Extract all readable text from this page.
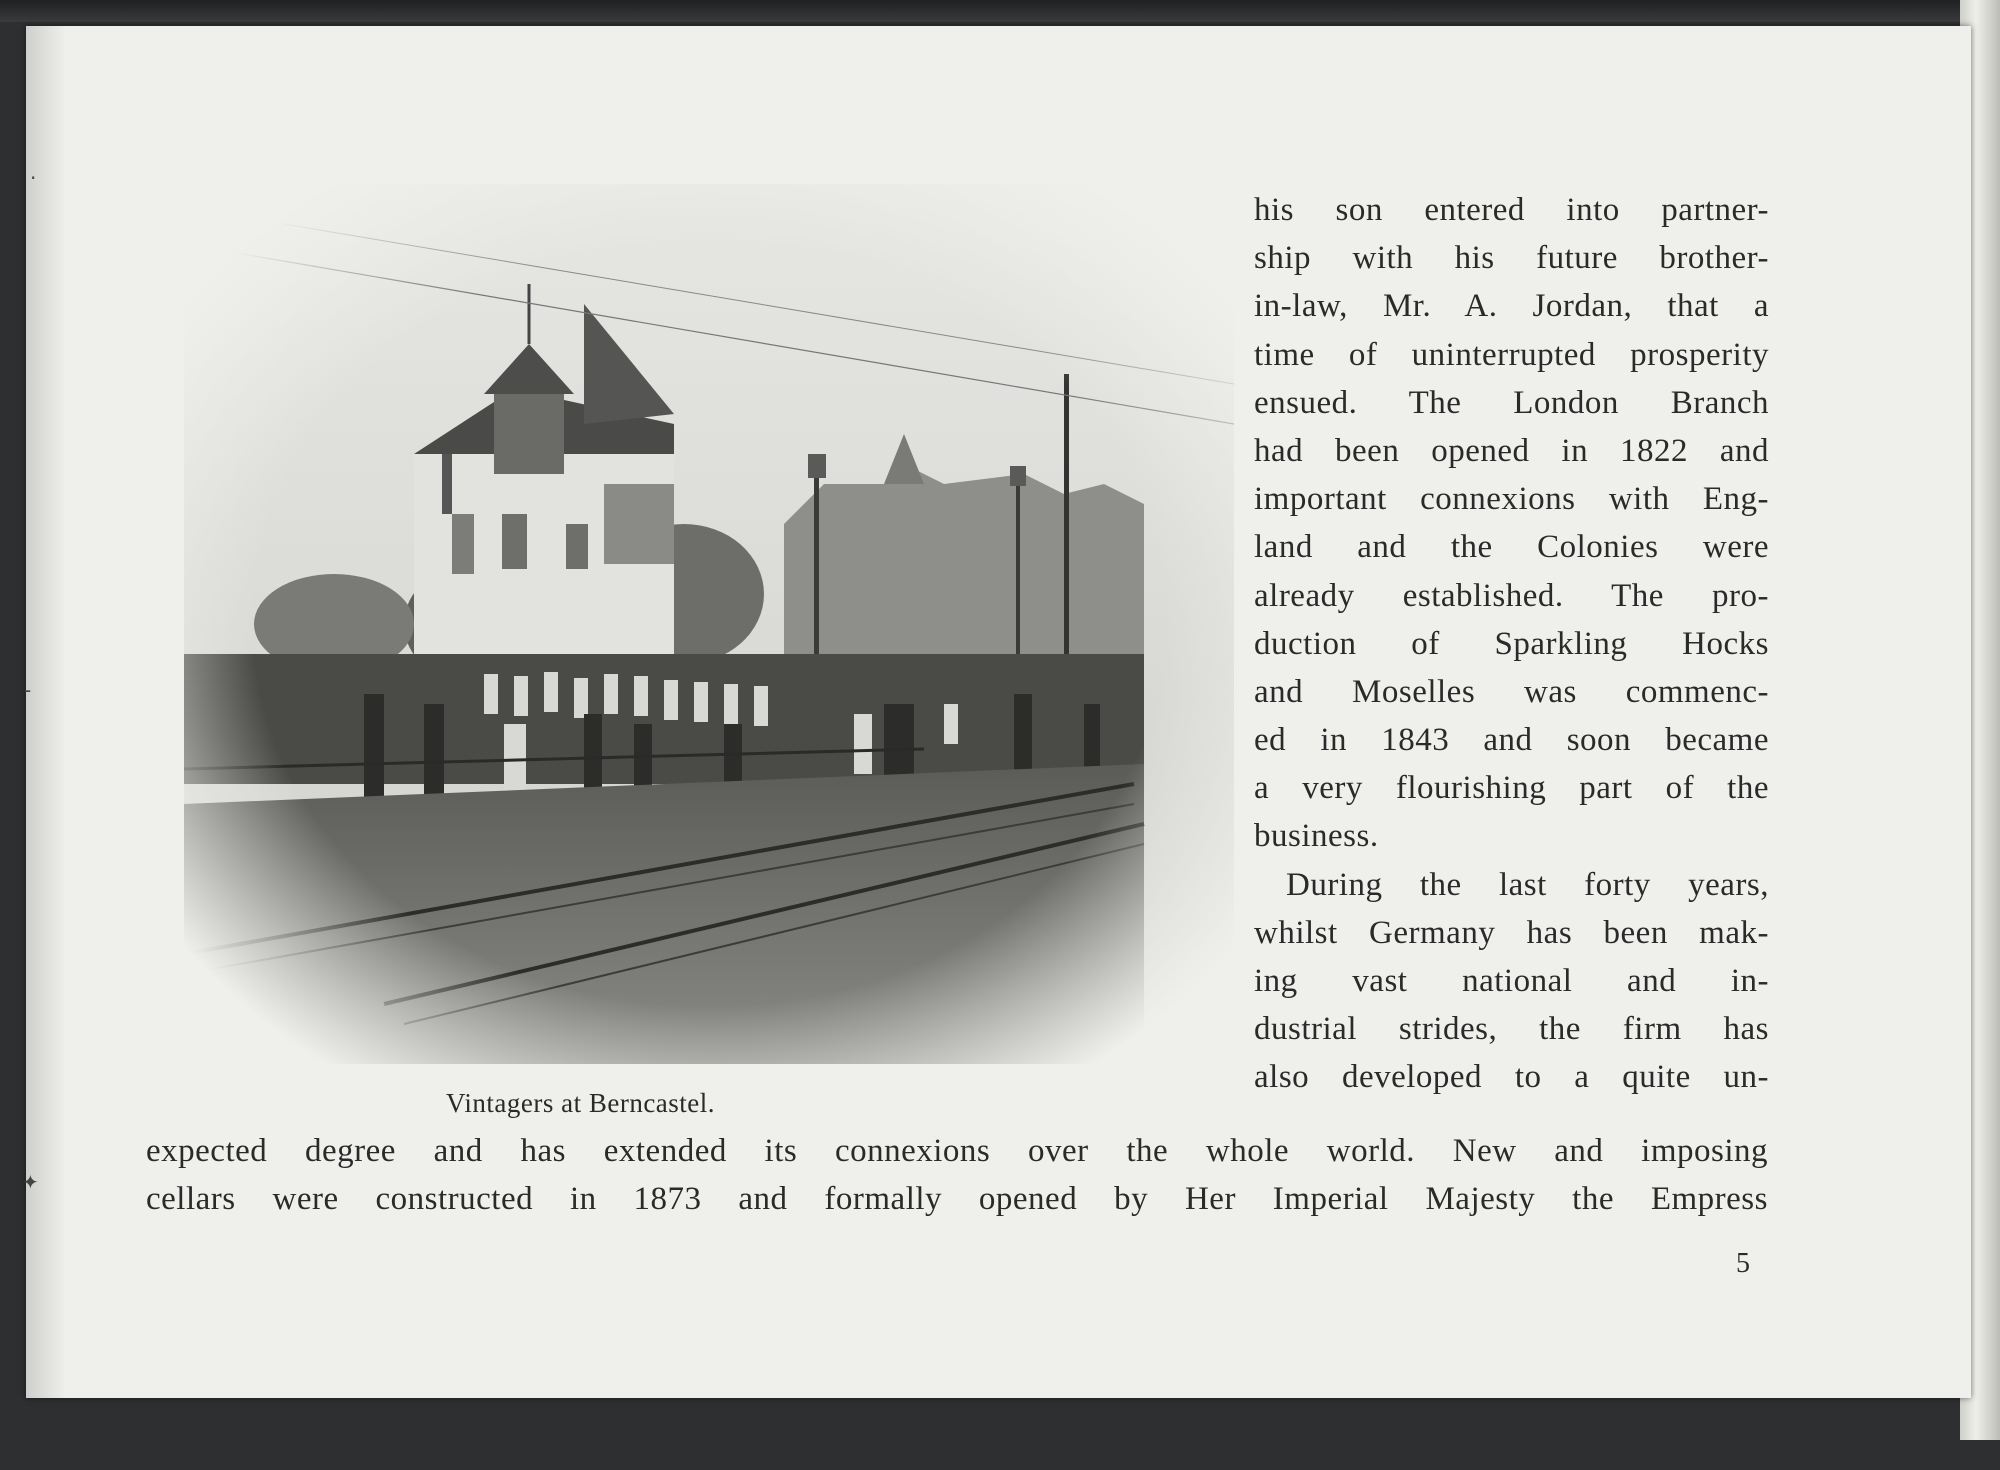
·
-
✦
Vintagers at Berncastel.
his son entered into partner-
ship with his future brother-
in-law, Mr. A. Jordan, that a
time of uninterrupted prosperity
ensued. The London Branch
had been opened in 1822 and
important connexions with Eng-
land and the Colonies were
already established. The pro-
duction of Sparkling Hocks
and Moselles was commenc-
ed in 1843 and soon became
a very flourishing part of the
business.
During the last forty years,
whilst Germany has been mak-
ing vast national and in-
dustrial strides, the firm has
also developed to a quite un-
expected degree and has extended its connexions over the whole world. New and imposing
cellars were constructed in 1873 and formally opened by Her Imperial Majesty the Empress
5
